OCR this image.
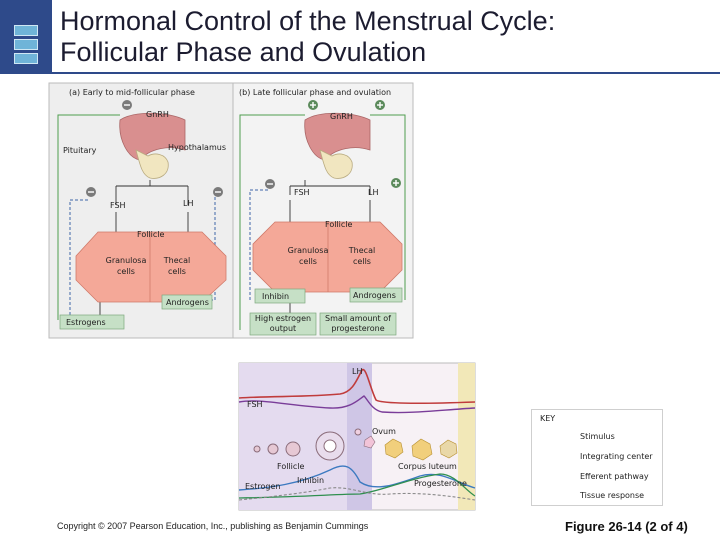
Hormonal Control of the Menstrual Cycle:
Follicular Phase and Ovulation
(a) Early to mid-follicular phase
GnRH
Pituitary	Hypothalamus
FSH	LH
Follicle
Granulosa cells
Thecal cells
Androgens
Estrogens
(b) Late follicular phase and ovulation
GnRH
FSH	LH
Follicle
Granulosa cells
Thecal cells
Inhibin	Androgens
High estrogen output
Small amount of progesterone
LH
FSH
Ovum
Follicle	Corpus luteum
Estrogen
Inhibin	Progesterone
KEY
Stimulus
Integrating center
Efferent pathway
Tissue response
Copyright © 2007 Pearson Education, Inc., publishing as Benjamin Cummings	Figure 26-14 (2 of 4)
